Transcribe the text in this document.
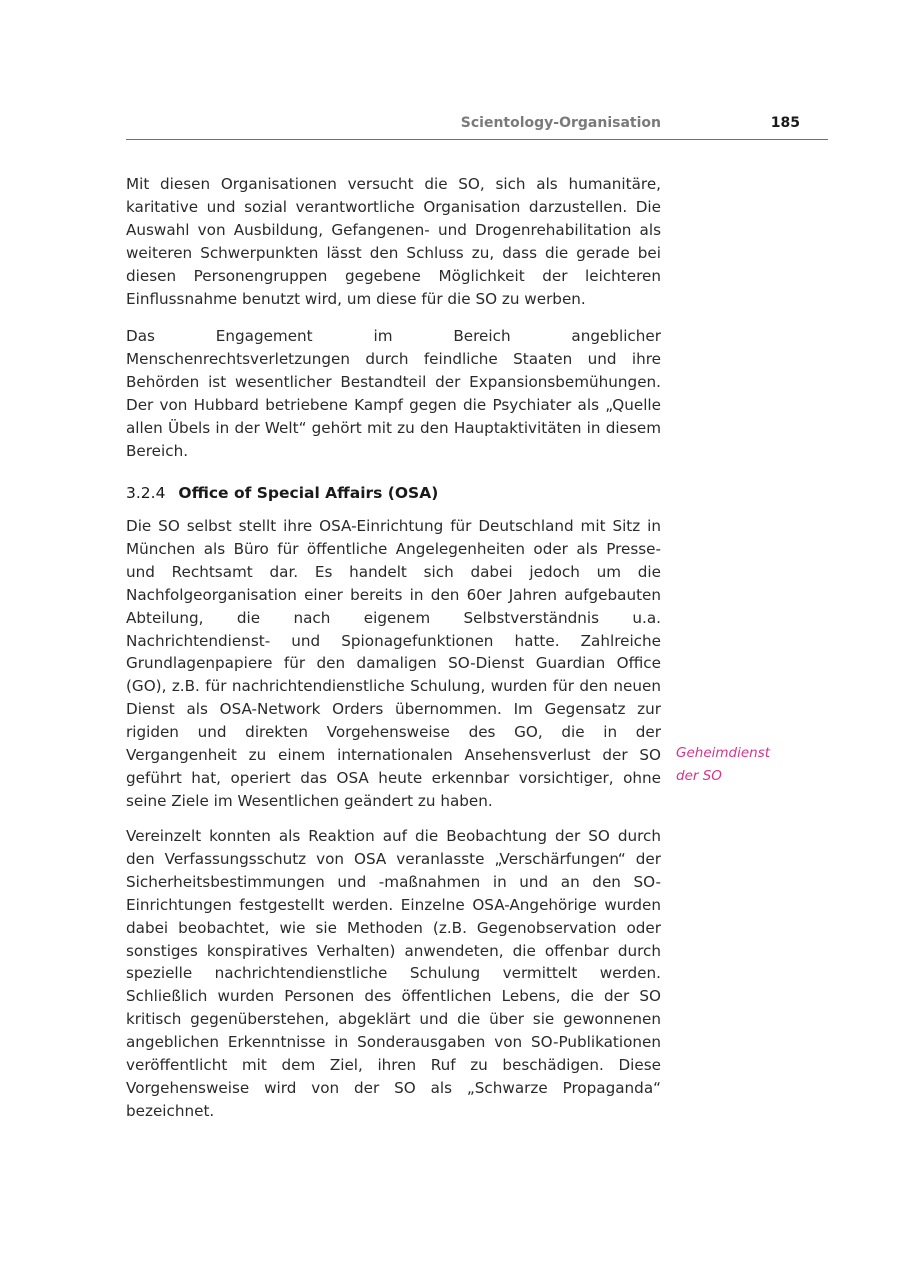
Scientology-Organisation	185

Mit diesen Organisationen versucht die SO, sich als humanitäre, karitative und sozial verantwortliche Organisation darzustellen. Die Auswahl von Ausbildung, Gefangenen- und Drogenrehabilitation als weiteren Schwerpunkten lässt den Schluss zu, dass die gerade bei diesen Personengruppen gegebene Möglichkeit der leichteren Einflussnahme benutzt wird, um diese für die SO zu werben.

Das Engagement im Bereich angeblicher Menschenrechtsverletzungen durch feindliche Staaten und ihre Behörden ist wesentlicher Bestandteil der Expansionsbemühungen. Der von Hubbard betriebene Kampf gegen die Psychiater als „Quelle allen Übels in der Welt“ gehört mit zu den Hauptaktivitäten in diesem Bereich.

3.2.4 Office of Special Affairs (OSA)

Die SO selbst stellt ihre OSA-Einrichtung für Deutschland mit Sitz in München als Büro für öffentliche Angelegenheiten oder als Presse- und Rechtsamt dar. Es handelt sich dabei jedoch um die Nachfolgeorganisation einer bereits in den 60er Jahren aufgebauten Abteilung, die nach eigenem Selbstverständnis u.a. Nachrichtendienst- und Spionagefunktionen hatte. Zahlreiche Grundlagenpapiere für den damaligen SO-Dienst Guardian Office (GO), z.B. für nachrichtendienstliche Schulung, wurden für den neuen Dienst als OSA-Network Orders übernommen. Im Gegensatz zur rigiden und direkten Vorgehensweise des GO, die in der Vergangenheit zu einem internationalen Ansehensverlust der SO geführt hat, operiert das OSA heute erkennbar vorsichtiger, ohne seine Ziele im Wesentlichen geändert zu haben.

Geheimdienst
der SO

Vereinzelt konnten als Reaktion auf die Beobachtung der SO durch den Verfassungsschutz von OSA veranlasste „Verschärfungen“ der Sicherheitsbestimmungen und -maßnahmen in und an den SO-Einrichtungen festgestellt werden. Einzelne OSA-Angehörige wurden dabei beobachtet, wie sie Methoden (z.B. Gegenobservation oder sonstiges konspiratives Verhalten) anwendeten, die offenbar durch spezielle nachrichtendienstliche Schulung vermittelt werden. Schließlich wurden Personen des öffentlichen Lebens, die der SO kritisch gegenüberstehen, abgeklärt und die über sie gewonnenen angeblichen Erkenntnisse in Sonderausgaben von SO-Publikationen veröffentlicht mit dem Ziel, ihren Ruf zu beschädigen. Diese Vorgehensweise wird von der SO als „Schwarze Propaganda“ bezeichnet.
